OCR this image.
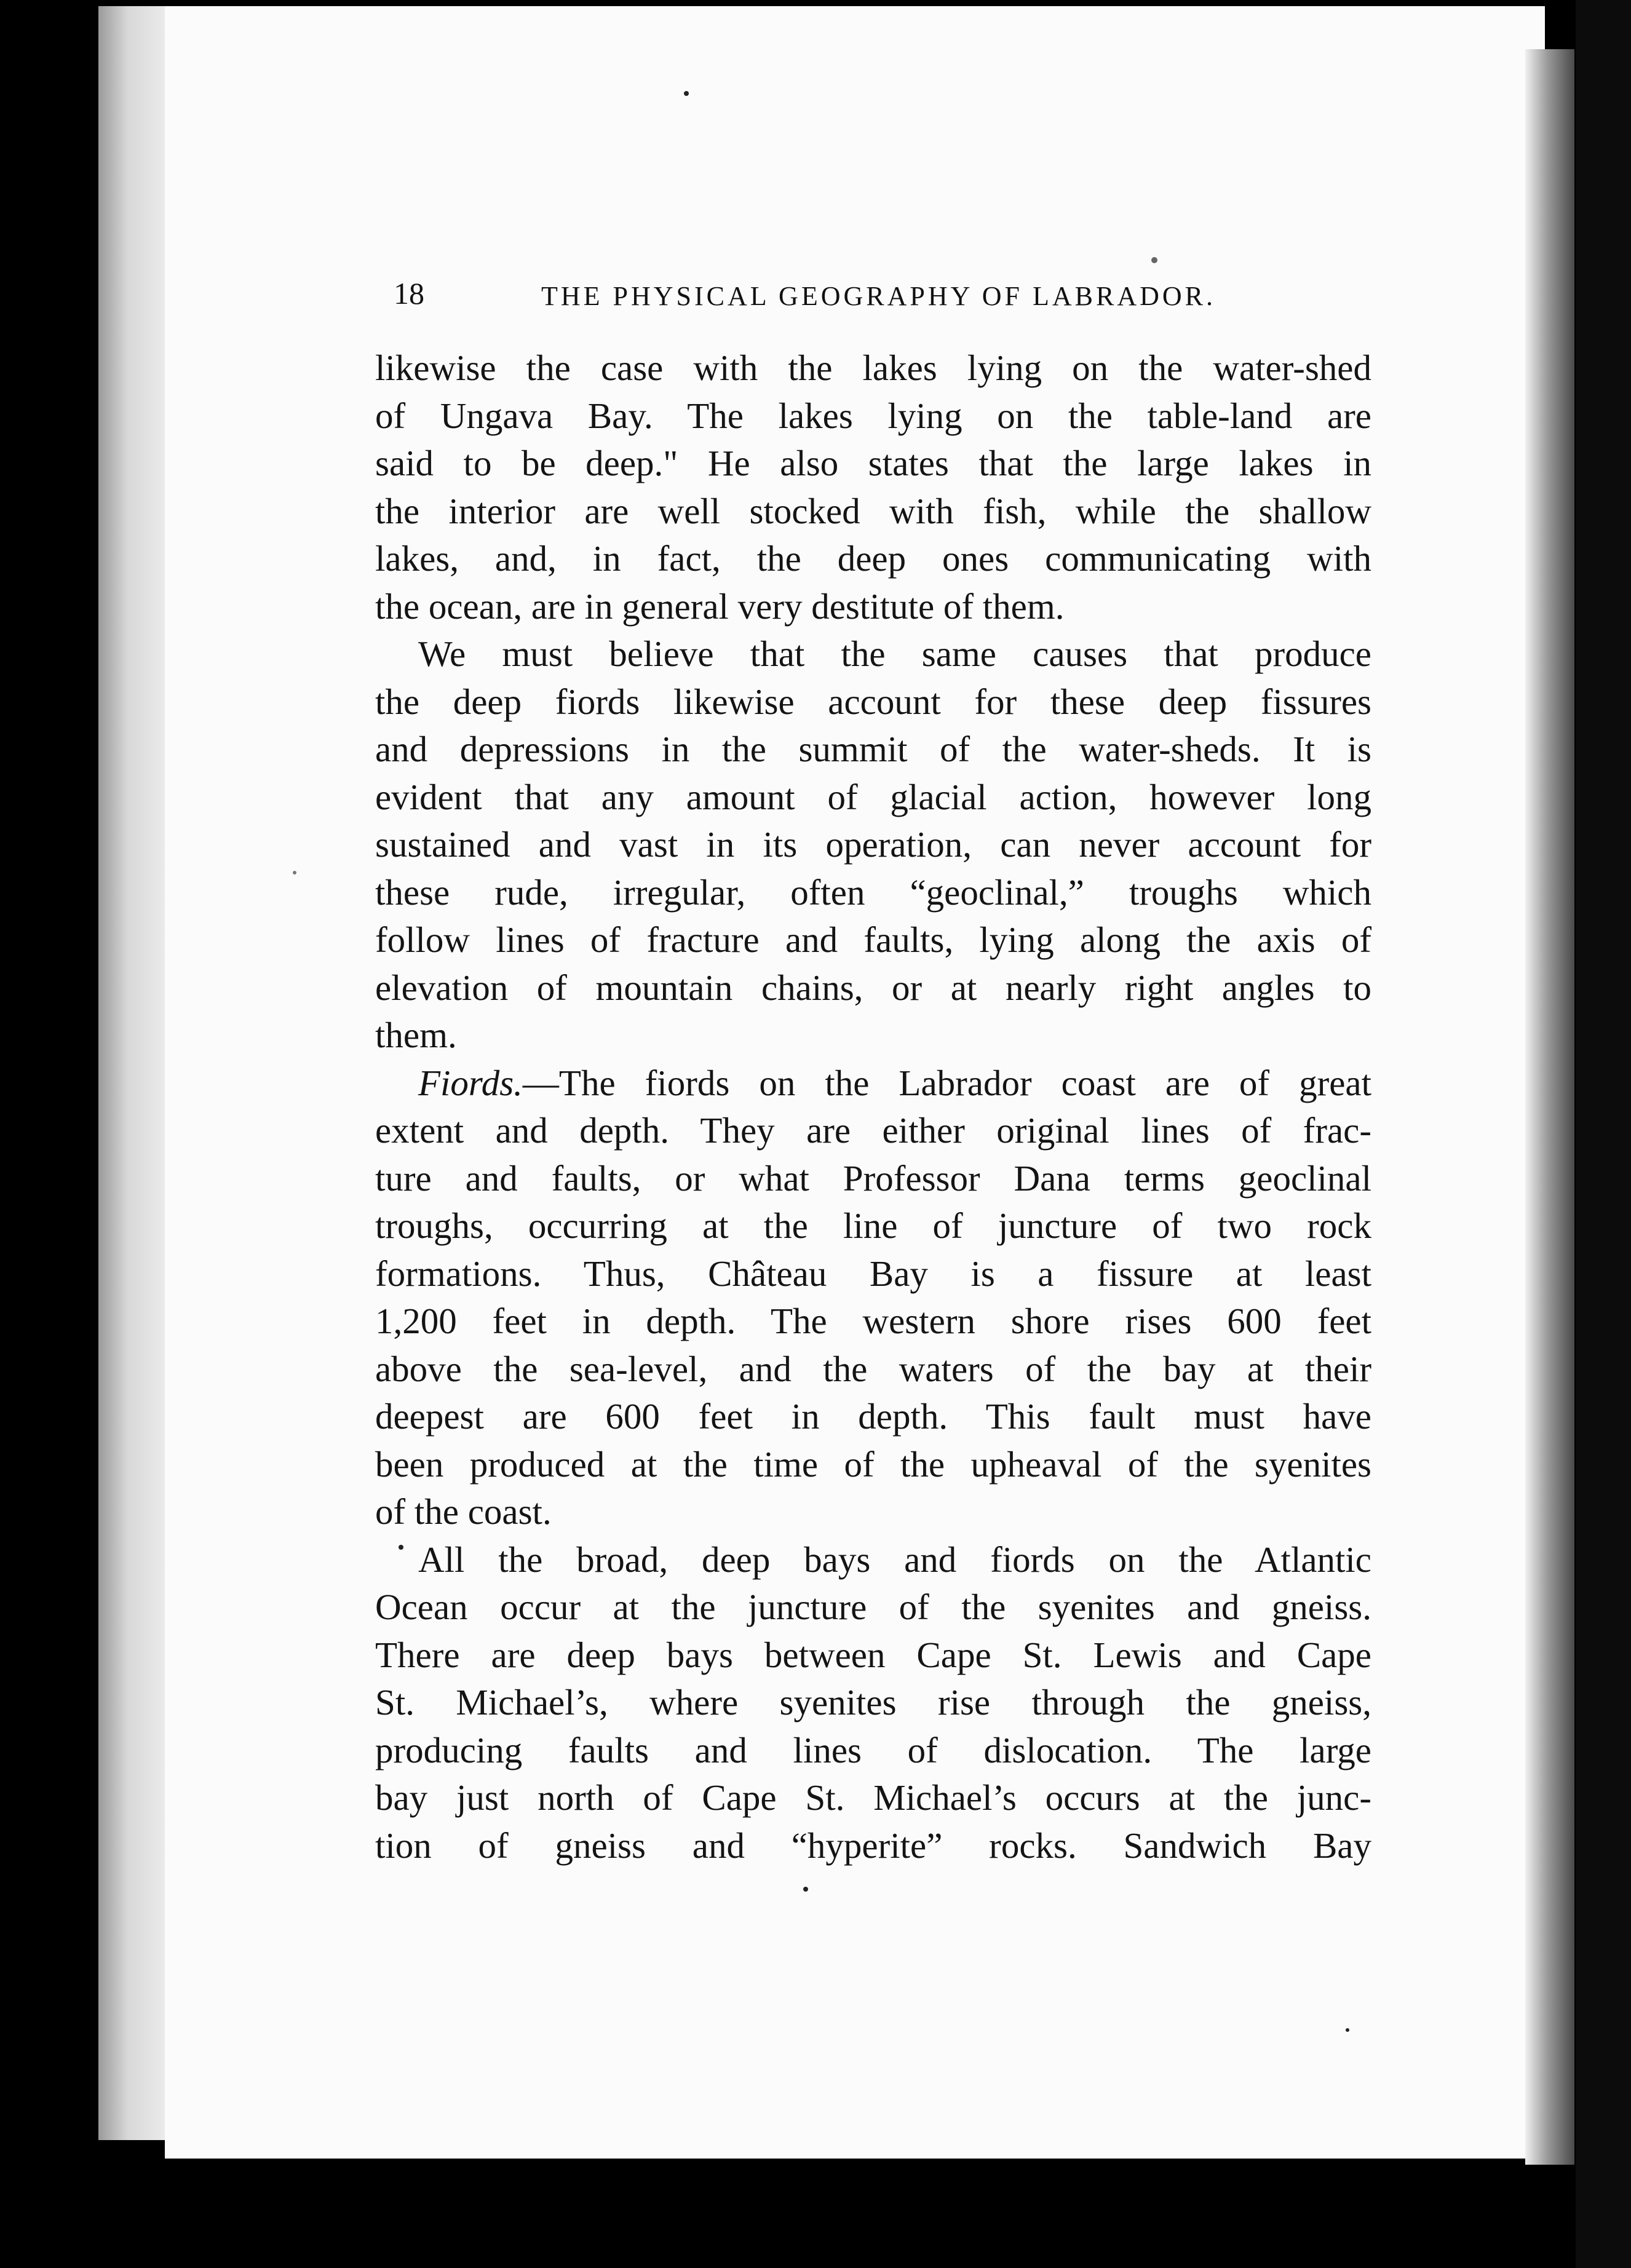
18	THE PHYSICAL GEOGRAPHY OF LABRADOR.
likewise the case with the lakes lying on the water-shed
of Ungava Bay. The lakes lying on the table-land are
said to be deep." He also states that the large lakes in
the interior are well stocked with fish, while the shallow
lakes, and, in fact, the deep ones communicating with
the ocean, are in general very destitute of them.
We must believe that the same causes that produce
the deep fiords likewise account for these deep fissures
and depressions in the summit of the water-sheds. It is
evident that any amount of glacial action, however long
sustained and vast in its operation, can never account for
these rude, irregular, often “geoclinal,” troughs which
follow lines of fracture and faults, lying along the axis of
elevation of mountain chains, or at nearly right angles to
them.
Fiords.—The fiords on the Labrador coast are of great
extent and depth. They are either original lines of frac-
ture and faults, or what Professor Dana terms geoclinal
troughs, occurring at the line of juncture of two rock
formations. Thus, Château Bay is a fissure at least
1,200 feet in depth. The western shore rises 600 feet
above the sea-level, and the waters of the bay at their
deepest are 600 feet in depth. This fault must have
been produced at the time of the upheaval of the syenites
of the coast.
All the broad, deep bays and fiords on the Atlantic
Ocean occur at the juncture of the syenites and gneiss.
There are deep bays between Cape St. Lewis and Cape
St. Michael’s, where syenites rise through the gneiss,
producing faults and lines of dislocation. The large
bay just north of Cape St. Michael’s occurs at the junc-
tion of gneiss and “hyperite” rocks. Sandwich Bay
